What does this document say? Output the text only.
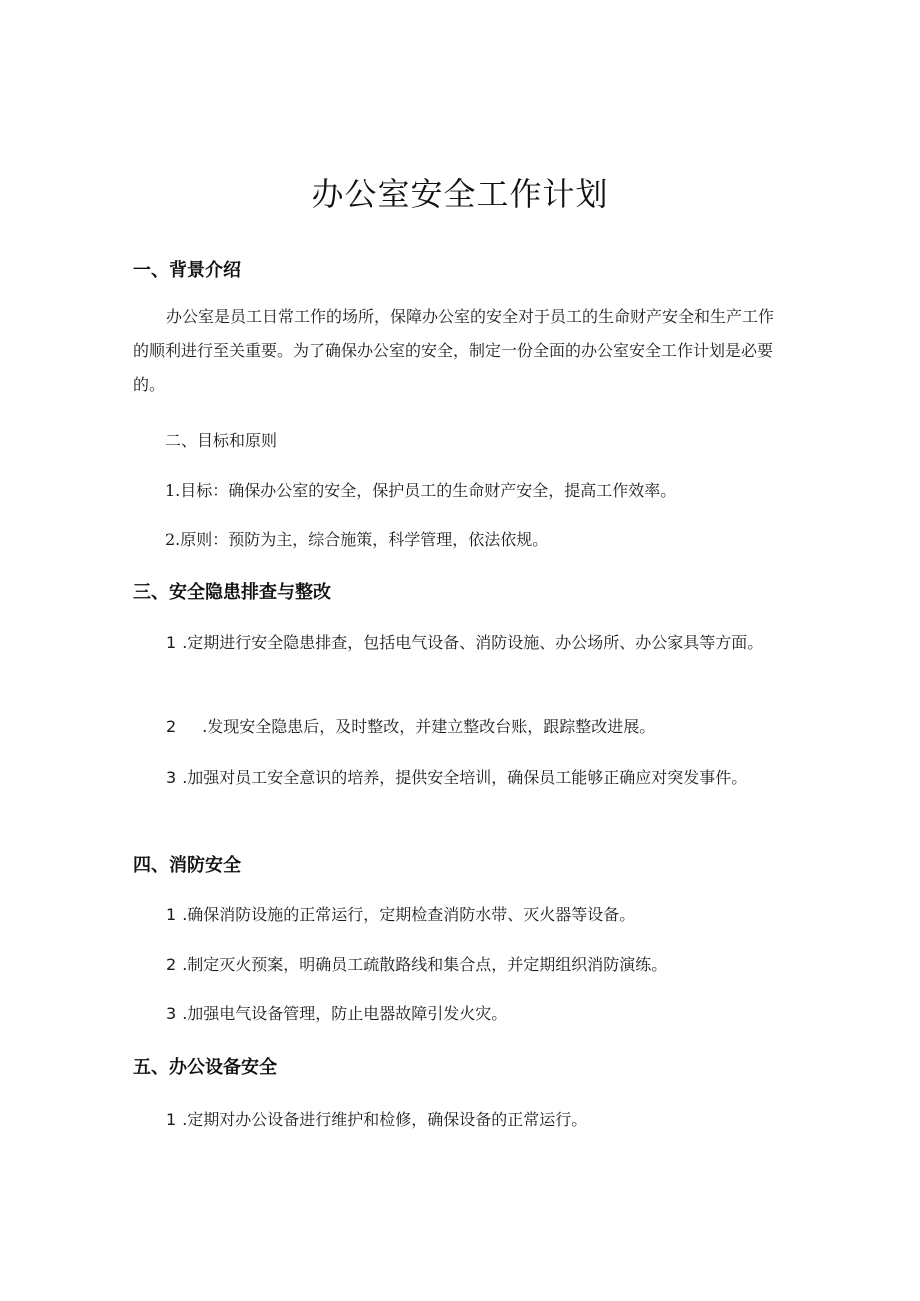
办公室安全工作计划
一、背景介绍
办公室是员工日常工作的场所，保障办公室的安全对于员工的生命财产安全和生产工作的顺利进行至关重要。为了确保办公室的安全，制定一份全面的办公室安全工作计划是必要的。
二、目标和原则
1.目标：确保办公室的安全，保护员工的生命财产安全，提高工作效率。
2.原则：预防为主，综合施策，科学管理，依法依规。
三、安全隐患排查与整改
1 .定期进行安全隐患排查，包括电气设备、消防设施、办公场所、办公家具等方面。
2 .发现安全隐患后，及时整改，并建立整改台账，跟踪整改进展。
3 .加强对员工安全意识的培养，提供安全培训，确保员工能够正确应对突发事件。
四、消防安全
1 .确保消防设施的正常运行，定期检查消防水带、灭火器等设备。
2 .制定灭火预案，明确员工疏散路线和集合点，并定期组织消防演练。
3 .加强电气设备管理，防止电器故障引发火灾。
五、办公设备安全
1 .定期对办公设备进行维护和检修，确保设备的正常运行。
